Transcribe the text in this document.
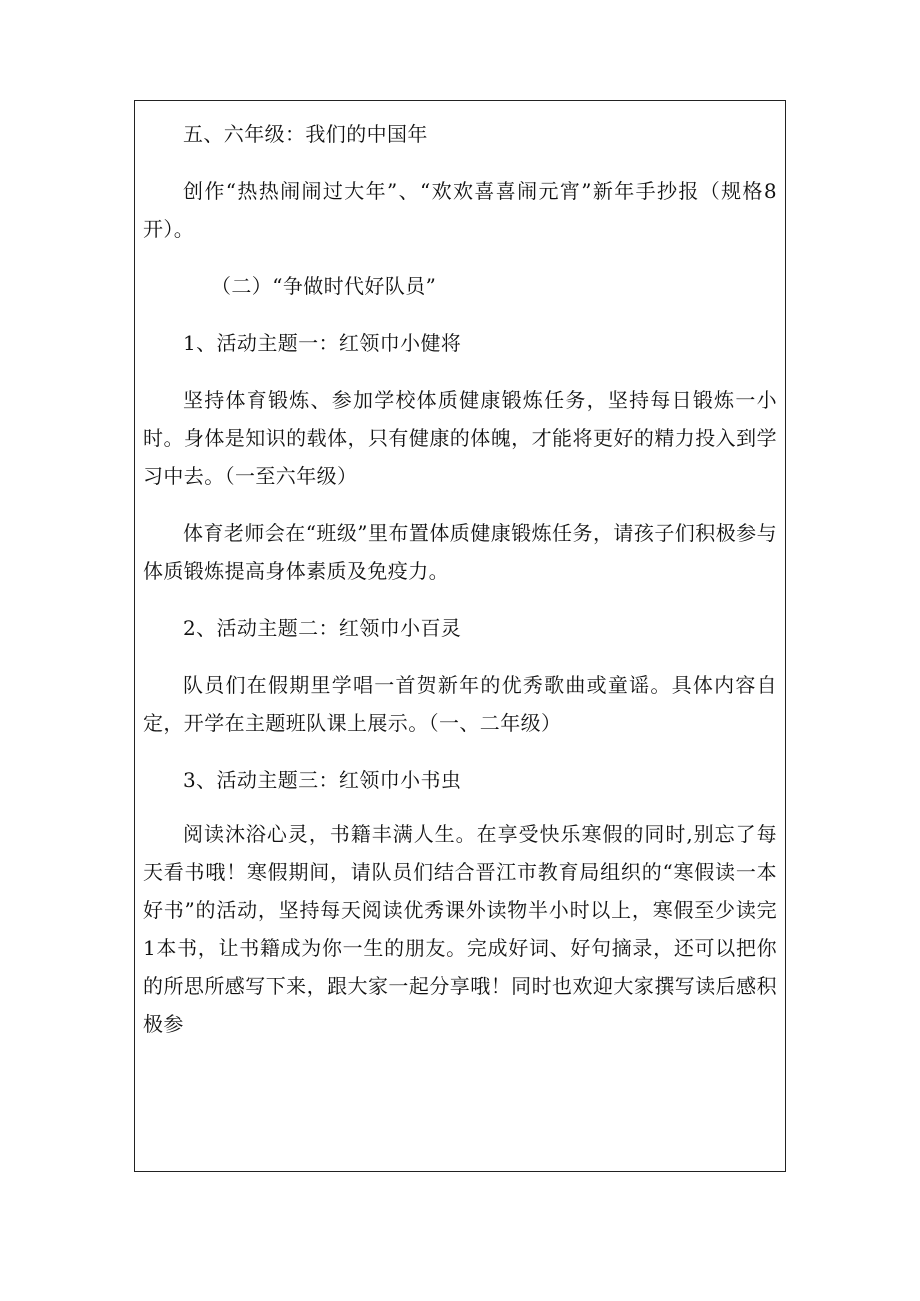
五、六年级：我们的中国年

创作“热热闹闹过大年”、“欢欢喜喜闹元宵”新年手抄报（规格8开）。

（二）“争做时代好队员”

1、活动主题一：红领巾小健将

坚持体育锻炼、参加学校体质健康锻炼任务，坚持每日锻炼一小时。身体是知识的载体，只有健康的体魄，才能将更好的精力投入到学习中去。（一至六年级）

体育老师会在“班级”里布置体质健康锻炼任务，请孩子们积极参与体质锻炼提高身体素质及免疫力。

2、活动主题二：红领巾小百灵

队员们在假期里学唱一首贺新年的优秀歌曲或童谣。具体内容自定，开学在主题班队课上展示。（一、二年级）

3、活动主题三：红领巾小书虫

阅读沐浴心灵，书籍丰满人生。在享受快乐寒假的同时,别忘了每天看书哦！寒假期间，请队员们结合晋江市教育局组织的“寒假读一本好书”的活动，坚持每天阅读优秀课外读物半小时以上，寒假至少读完1本书，让书籍成为你一生的朋友。完成好词、好句摘录，还可以把你的所思所感写下来，跟大家一起分享哦！同时也欢迎大家撰写读后感积极参
